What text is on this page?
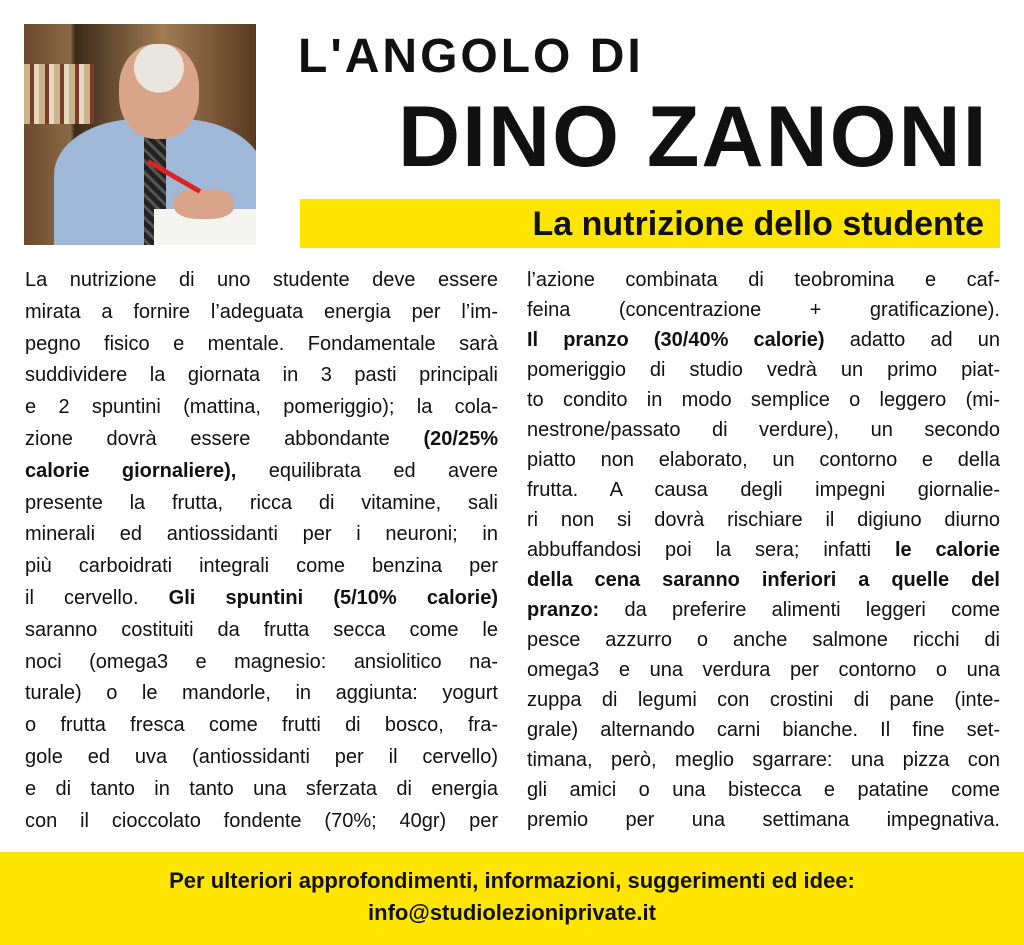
L'ANGOLO DI
DINO ZANONI
La nutrizione dello studente
La nutrizione di uno studente deve essere
mirata a fornire l’adeguata energia per l’im-
pegno fisico e mentale. Fondamentale sarà
suddividere la giornata in 3 pasti principali
e 2 spuntini (mattina, pomeriggio); la cola-
zione dovrà essere abbondante (20/25%
calorie giornaliere), equilibrata ed avere
presente la frutta, ricca di vitamine, sali
minerali ed antiossidanti per i neuroni; in
più carboidrati integrali come benzina per
il cervello. Gli spuntini (5/10% calorie)
saranno costituiti da frutta secca come le
noci (omega3 e magnesio: ansiolitico na-
turale) o le mandorle, in aggiunta: yogurt
o frutta fresca come frutti di bosco, fra-
gole ed uva (antiossidanti per il cervello)
e di tanto in tanto una sferzata di energia
con il cioccolato fondente (70%; 40gr) per
l’azione combinata di teobromina e caf-
feina (concentrazione + gratificazione).
Il pranzo (30/40% calorie) adatto ad un
pomeriggio di studio vedrà un primo piat-
to condito in modo semplice o leggero (mi-
nestrone/passato di verdure), un secondo
piatto non elaborato, un contorno e della
frutta. A causa degli impegni giornalie-
ri non si dovrà rischiare il digiuno diurno
abbuffandosi poi la sera; infatti le calorie
della cena saranno inferiori a quelle del
pranzo: da preferire alimenti leggeri come
pesce azzurro o anche salmone ricchi di
omega3 e una verdura per contorno o una
zuppa di legumi con crostini di pane (inte-
grale) alternando carni bianche. Il fine set-
timana, però, meglio sgarrare: una pizza con
gli amici o una bistecca e patatine come
premio per una settimana impegnativa.
Per ulteriori approfondimenti, informazioni, suggerimenti ed idee:
info@studiolezioniprivate.it
